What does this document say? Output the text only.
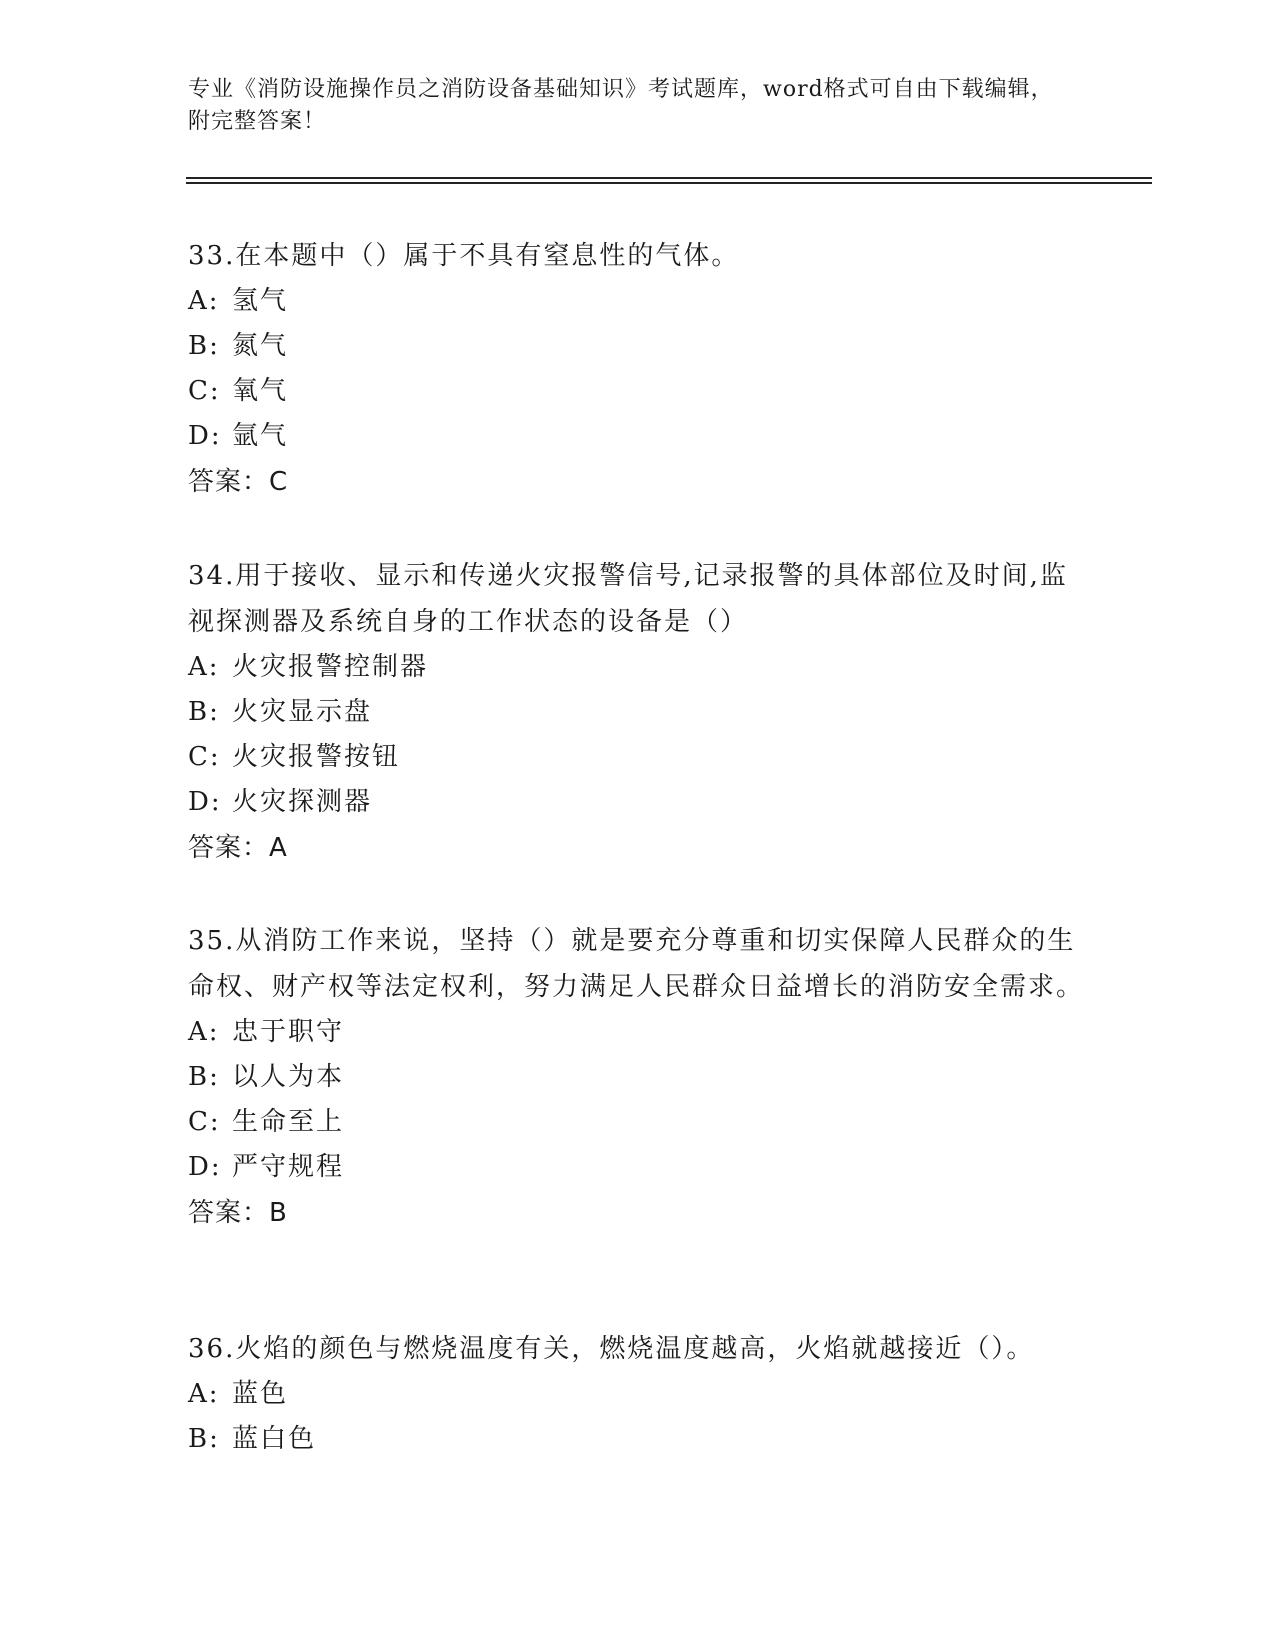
专业《消防设施操作员之消防设备基础知识》考试题库，word格式可自由下载编辑，附完整答案！
33.在本题中（）属于不具有窒息性的气体。
A: 氢气
B: 氮气
C: 氧气
D: 氩气
答案：C
34.用于接收、显示和传递火灾报警信号,记录报警的具体部位及时间,监视探测器及系统自身的工作状态的设备是（）
A: 火灾报警控制器
B: 火灾显示盘
C: 火灾报警按钮
D: 火灾探测器
答案：A
35.从消防工作来说，坚持（）就是要充分尊重和切实保障人民群众的生命权、财产权等法定权利，努力满足人民群众日益增长的消防安全需求。
A: 忠于职守
B: 以人为本
C: 生命至上
D: 严守规程
答案：B
36.火焰的颜色与燃烧温度有关，燃烧温度越高，火焰就越接近（）。
A: 蓝色
B: 蓝白色
